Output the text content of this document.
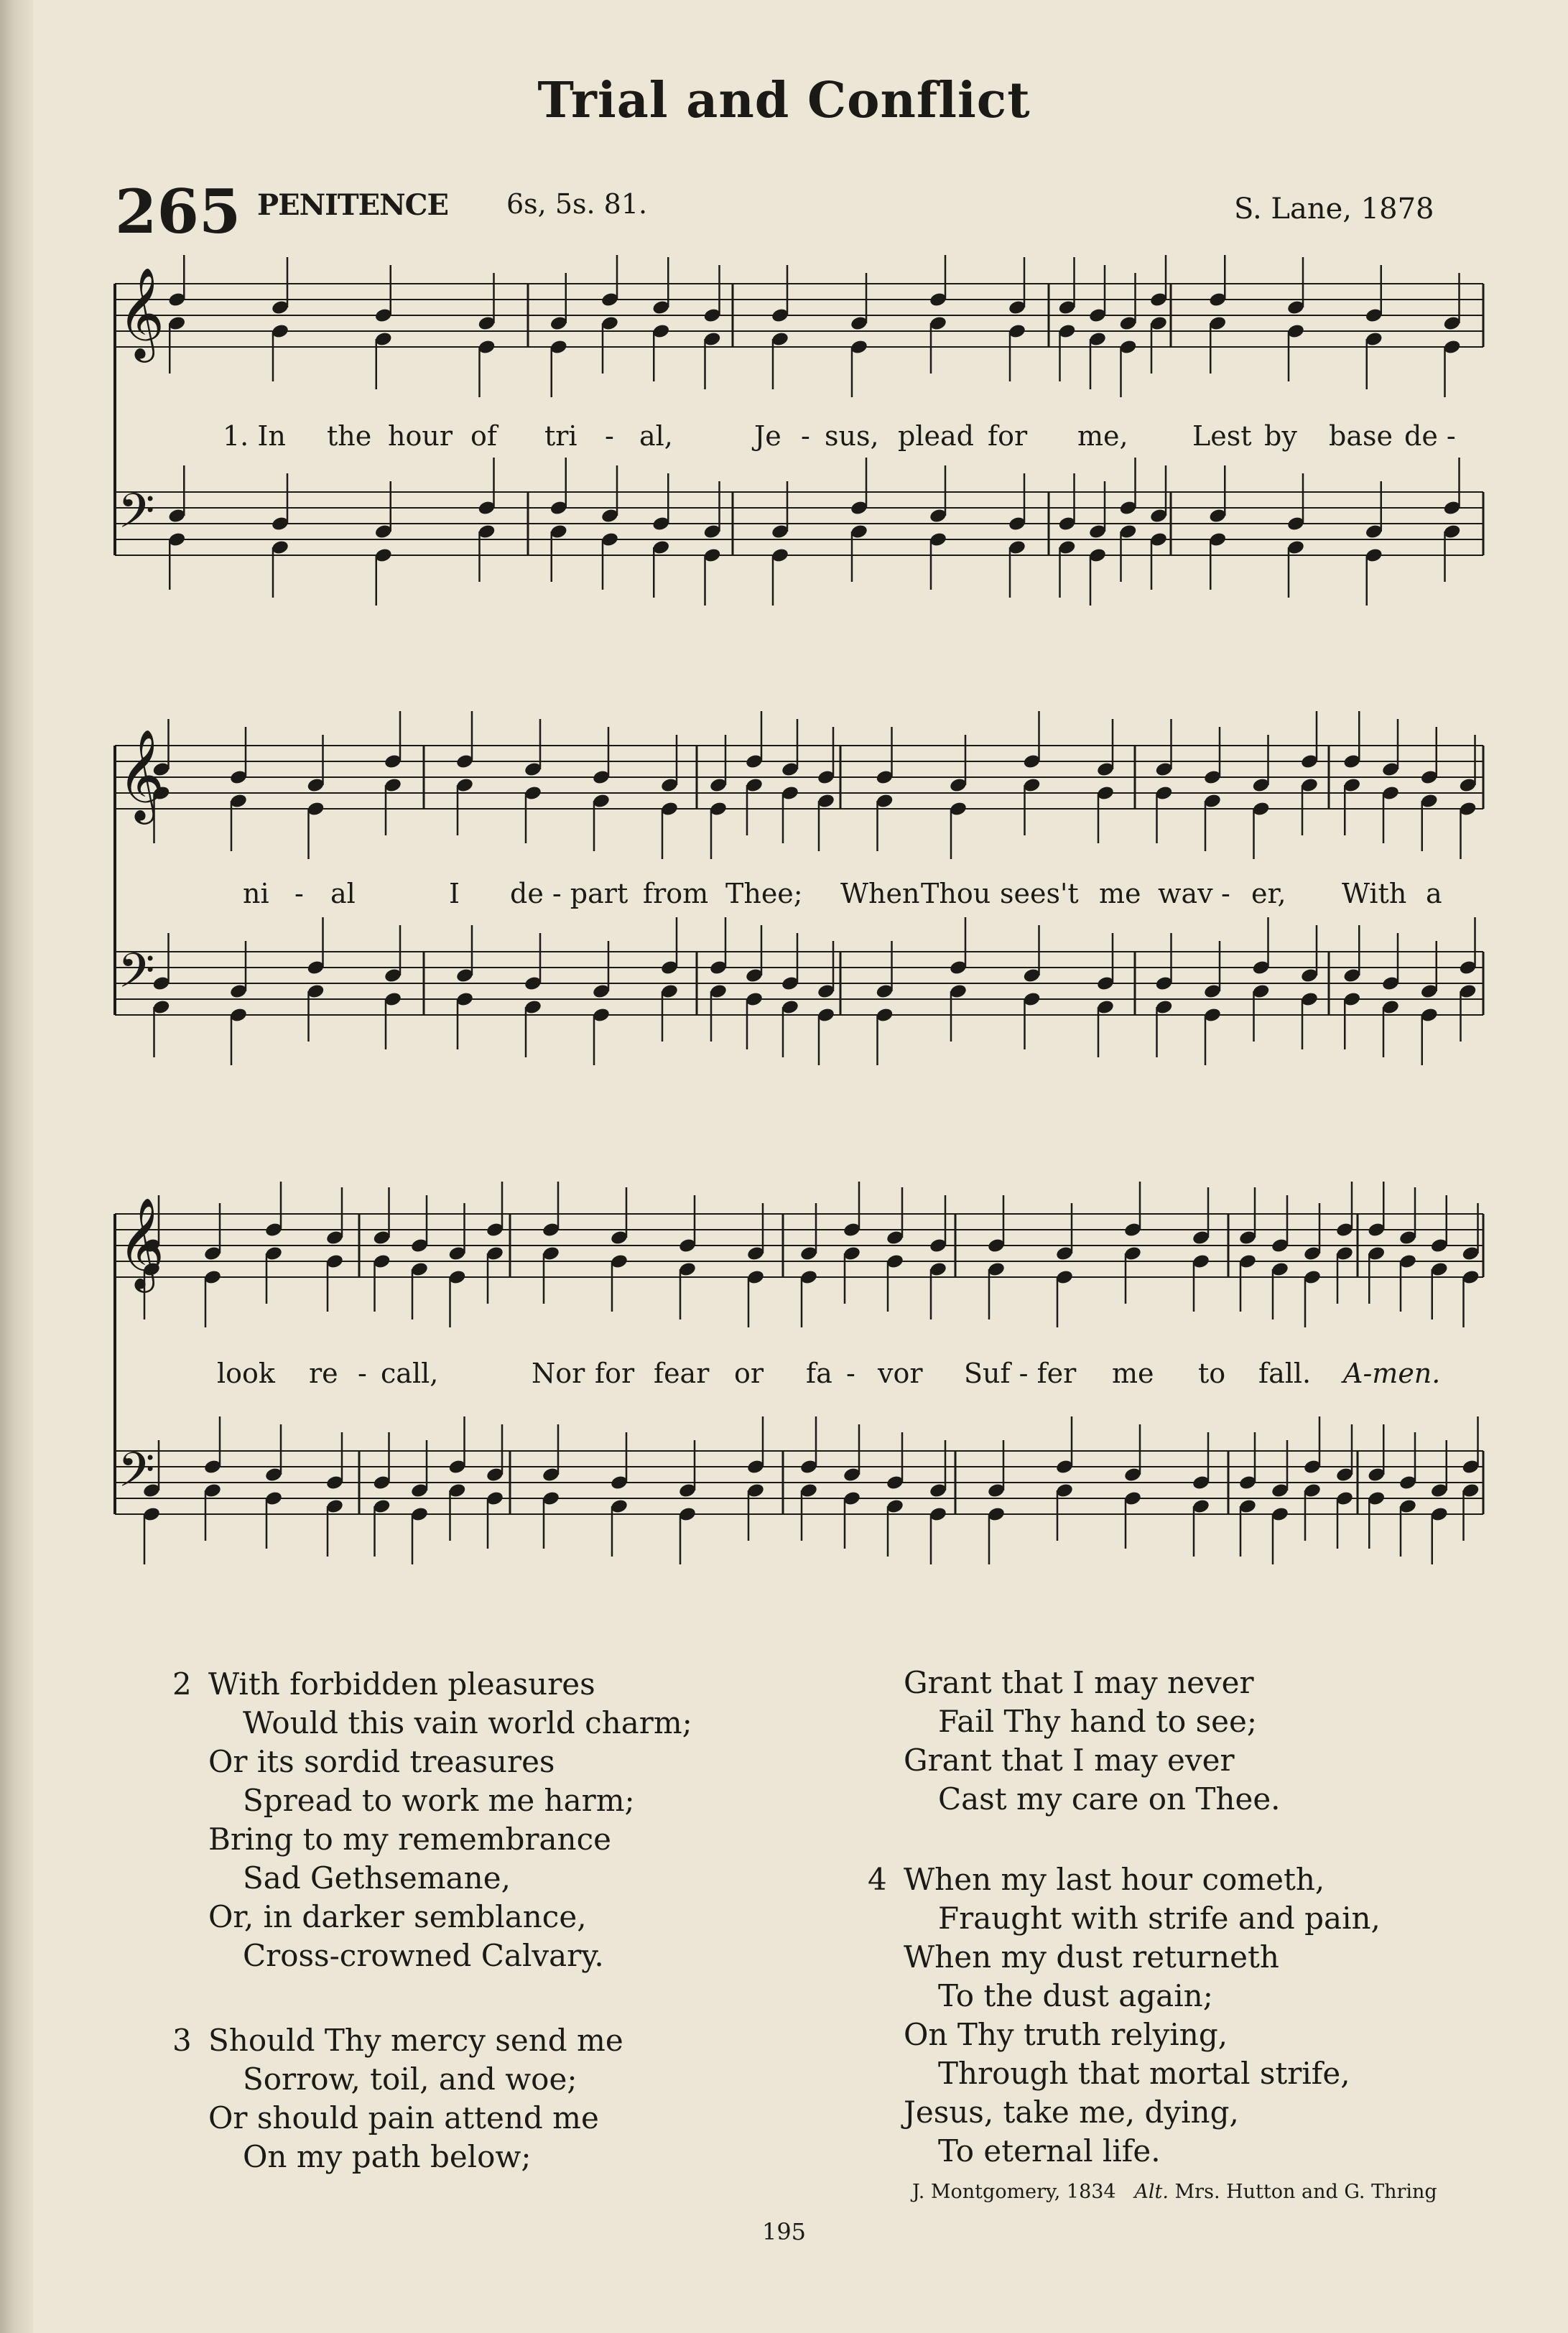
Trial and Conflict
265 PENITENCE 6s, 5s. 81.	S. Lane, 1878
𝄞
𝄢
𝄞
𝄢
𝄞
𝄢
1. In the hour of tri - al,	Je - sus, plead for me, Lest by base de -
ni - al	I de - part from Thee; When Thou sees't me wav - er, With a
look re - call,	Nor for fear or fa - vor Suf - fer me to fall. A-men.
2 With forbidden pleasures
Would this vain world charm;
Or its sordid treasures
Spread to work me harm;
Bring to my remembrance
Sad Gethsemane,
Or, in darker semblance,
Cross-crowned Calvary.
3 Should Thy mercy send me
Sorrow, toil, and woe;
Or should pain attend me
On my path below;
Grant that I may never
Fail Thy hand to see;
Grant that I may ever
Cast my care on Thee.
4 When my last hour cometh,
Fraught with strife and pain,
When my dust returneth
To the dust again;
On Thy truth relying,
Through that mortal strife,
Jesus, take me, dying,
To eternal life.
J. Montgomery, 1834 Alt. Mrs. Hutton and G. Thring
195
